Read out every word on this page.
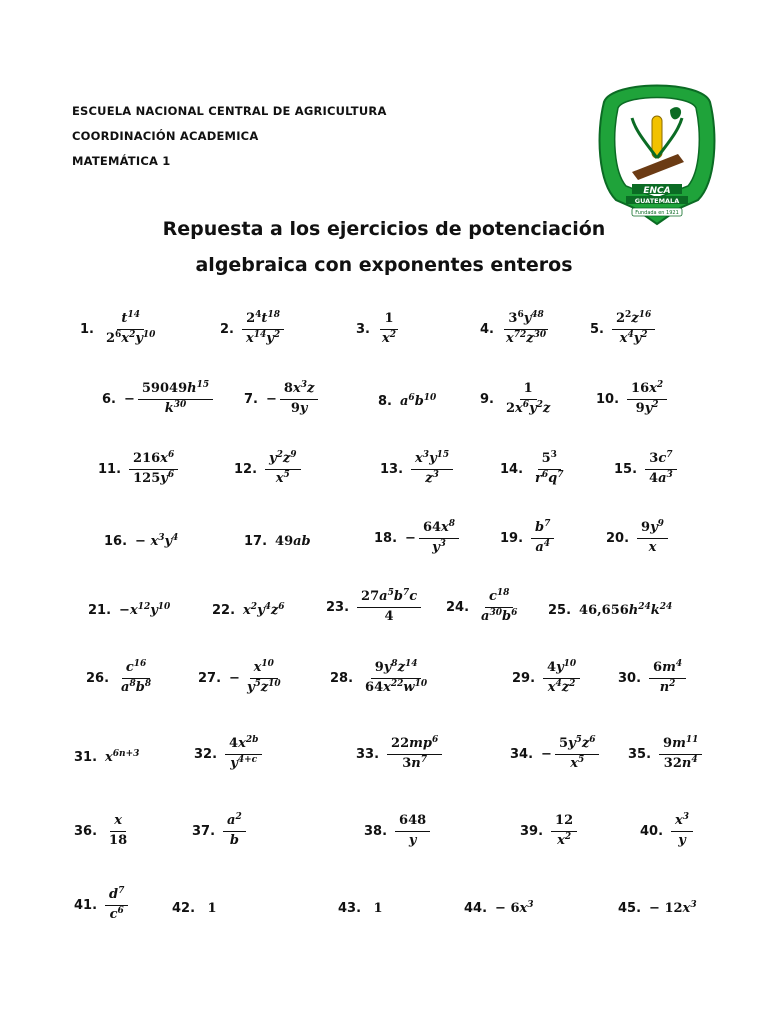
ESCUELA NACIONAL CENTRAL DE AGRICULTURA
COORDINACIÓN ACADEMICA
MATEMÁTICA 1
Repuesta a los ejercicios de potenciación
algebraica con exponentes enteros
ENCA
GUATEMALA
Fundada en 1921
1. $\frac{t^{14}}{2^6x^2y^{10}}$	2. $\frac{2^4t^{18}}{x^{14}y^2}$	3. $\frac{1}{x^2}$	4. $\frac{3^6y^{48}}{x^{72}z^{30}}$	5. $\frac{2^2z^{16}}{x^4y^2}$
6. − $\frac{59049h^{15}}{k^{30}} 7$. − $\frac{8x^3z}{9y}$	8. $a^6b^{10}$	9. $\frac{1}{2x^6y^2z}$	10. $\frac{16x^2}{9y^2}$
11. $\frac{216x^6}{125y^6}$	12. $\frac{y^2z^9}{x^5}$	13. $\frac{x^3y^{15}}{z^3}$	14. $\frac{5^3}{r^6q^7}$	15. $\frac{3c^7}{4a^3}$
16. − $x^3y^4$	17. 49ab	18. − $\frac{64x^8}{y^3}$	19. $\frac{b^7}{a^4}$	20. $\frac{9y^9}{x}$
21. $-x^{12}y^{10}$	22. $x^2y^4z^6$	23. $\frac{27a^5b^7c}{4} 24$. $\frac{c^{18}}{a^{30}b^6} 25$. $46,656h^{24}k^{24}$
26. $\frac{c^{16}}{a^8b^8}$	27. − $\frac{x^{10}}{y^5z^{10}}$	28. $\frac{9y^8z^{14}}{64x^{22}w^{10}}$	29. $\frac{4y^{10}}{x^4z^2}$	30. $\frac{6m^4}{n^2}$
31. $x^{6n+3}$	32. $\frac{4x^{2b}}{y^{4+c}}$	33. $\frac{22mp^6}{3n^7}$	34. − $\frac{5y^5z^6}{x^5} 35$. $\frac{9m^{11}}{32n^4}$
36. $\frac{x}{18}$	37. $\frac{a^2}{b}$	38. $\frac{648}{y}$	39. $\frac{12}{x^2}$	40. $\frac{x^3}{y}$
41. $\frac{d^7}{c^6}$	42. 1	43. 1	44. − $6x^3$	45. − $12x^3$
